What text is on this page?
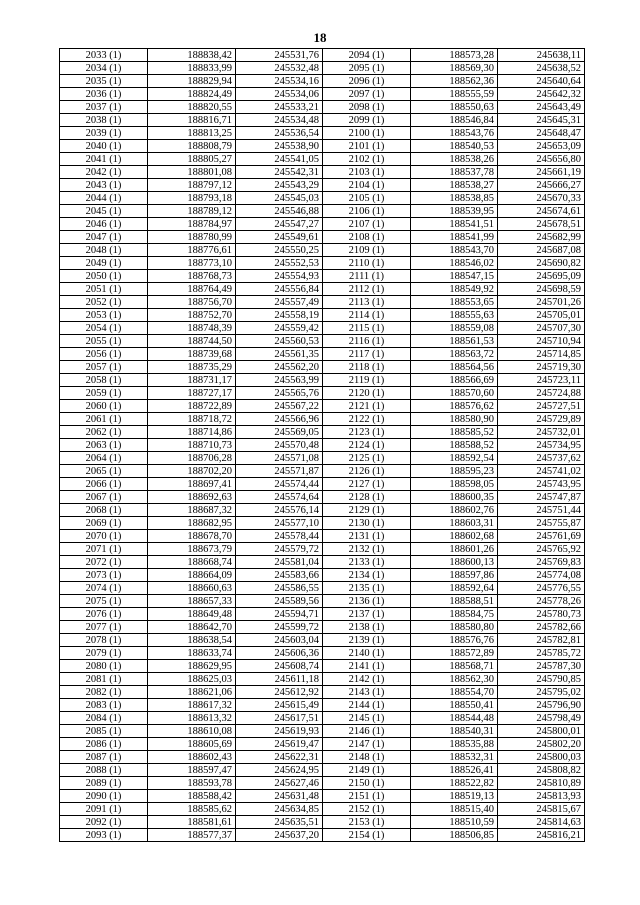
18
2033 (1)	188838,42	245531,76	2094 (1)	188573,28	245638,11
2034 (1)	188833,99	245532,48	2095 (1)	188569,30	245638,52
2035 (1)	188829,94	245534,16	2096 (1)	188562,36	245640,64
2036 (1)	188824,49	245534,06	2097 (1)	188555,59	245642,32
2037 (1)	188820,55	245533,21	2098 (1)	188550,63	245643,49
2038 (1)	188816,71	245534,48	2099 (1)	188546,84	245645,31
2039 (1)	188813,25	245536,54	2100 (1)	188543,76	245648,47
2040 (1)	188808,79	245538,90	2101 (1)	188540,53	245653,09
2041 (1)	188805,27	245541,05	2102 (1)	188538,26	245656,80
2042 (1)	188801,08	245542,31	2103 (1)	188537,78	245661,19
2043 (1)	188797,12	245543,29	2104 (1)	188538,27	245666,27
2044 (1)	188793,18	245545,03	2105 (1)	188538,85	245670,33
2045 (1)	188789,12	245546,88	2106 (1)	188539,95	245674,61
2046 (1)	188784,97	245547,27	2107 (1)	188541,51	245678,51
2047 (1)	188780,99	245549,61	2108 (1)	188541,99	245682,99
2048 (1)	188776,61	245550,25	2109 (1)	188543,70	245687,08
2049 (1)	188773,10	245552,53	2110 (1)	188546,02	245690,82
2050 (1)	188768,73	245554,93	2111 (1)	188547,15	245695,09
2051 (1)	188764,49	245556,84	2112 (1)	188549,92	245698,59
2052 (1)	188756,70	245557,49	2113 (1)	188553,65	245701,26
2053 (1)	188752,70	245558,19	2114 (1)	188555,63	245705,01
2054 (1)	188748,39	245559,42	2115 (1)	188559,08	245707,30
2055 (1)	188744,50	245560,53	2116 (1)	188561,53	245710,94
2056 (1)	188739,68	245561,35	2117 (1)	188563,72	245714,85
2057 (1)	188735,29	245562,20	2118 (1)	188564,56	245719,30
2058 (1)	188731,17	245563,99	2119 (1)	188566,69	245723,11
2059 (1)	188727,17	245565,76	2120 (1)	188570,60	245724,88
2060 (1)	188722,89	245567,22	2121 (1)	188576,62	245727,51
2061 (1)	188718,72	245566,96	2122 (1)	188580,90	245729,89
2062 (1)	188714,86	245569,05	2123 (1)	188585,52	245732,01
2063 (1)	188710,73	245570,48	2124 (1)	188588,52	245734,95
2064 (1)	188706,28	245571,08	2125 (1)	188592,54	245737,62
2065 (1)	188702,20	245571,87	2126 (1)	188595,23	245741,02
2066 (1)	188697,41	245574,44	2127 (1)	188598,05	245743,95
2067 (1)	188692,63	245574,64	2128 (1)	188600,35	245747,87
2068 (1)	188687,32	245576,14	2129 (1)	188602,76	245751,44
2069 (1)	188682,95	245577,10	2130 (1)	188603,31	245755,87
2070 (1)	188678,70	245578,44	2131 (1)	188602,68	245761,69
2071 (1)	188673,79	245579,72	2132 (1)	188601,26	245765,92
2072 (1)	188668,74	245581,04	2133 (1)	188600,13	245769,83
2073 (1)	188664,09	245583,66	2134 (1)	188597,86	245774,08
2074 (1)	188660,63	245586,55	2135 (1)	188592,64	245776,55
2075 (1)	188657,33	245589,56	2136 (1)	188588,51	245778,26
2076 (1)	188649,48	245594,71	2137 (1)	188584,75	245780,73
2077 (1)	188642,70	245599,72	2138 (1)	188580,80	245782,66
2078 (1)	188638,54	245603,04	2139 (1)	188576,76	245782,81
2079 (1)	188633,74	245606,36	2140 (1)	188572,89	245785,72
2080 (1)	188629,95	245608,74	2141 (1)	188568,71	245787,30
2081 (1)	188625,03	245611,18	2142 (1)	188562,30	245790,85
2082 (1)	188621,06	245612,92	2143 (1)	188554,70	245795,02
2083 (1)	188617,32	245615,49	2144 (1)	188550,41	245796,90
2084 (1)	188613,32	245617,51	2145 (1)	188544,48	245798,49
2085 (1)	188610,08	245619,93	2146 (1)	188540,31	245800,01
2086 (1)	188605,69	245619,47	2147 (1)	188535,88	245802,20
2087 (1)	188602,43	245622,31	2148 (1)	188532,31	245800,03
2088 (1)	188597,47	245624,95	2149 (1)	188526,41	245808,82
2089 (1)	188593,78	245627,46	2150 (1)	188522,82	245810,89
2090 (1)	188588,42	245631,48	2151 (1)	188519,13	245813,93
2091 (1)	188585,62	245634,85	2152 (1)	188515,40	245815,67
2092 (1)	188581,61	245635,51	2153 (1)	188510,59	245814,63
2093 (1)	188577,37	245637,20	2154 (1)	188506,85	245816,21
